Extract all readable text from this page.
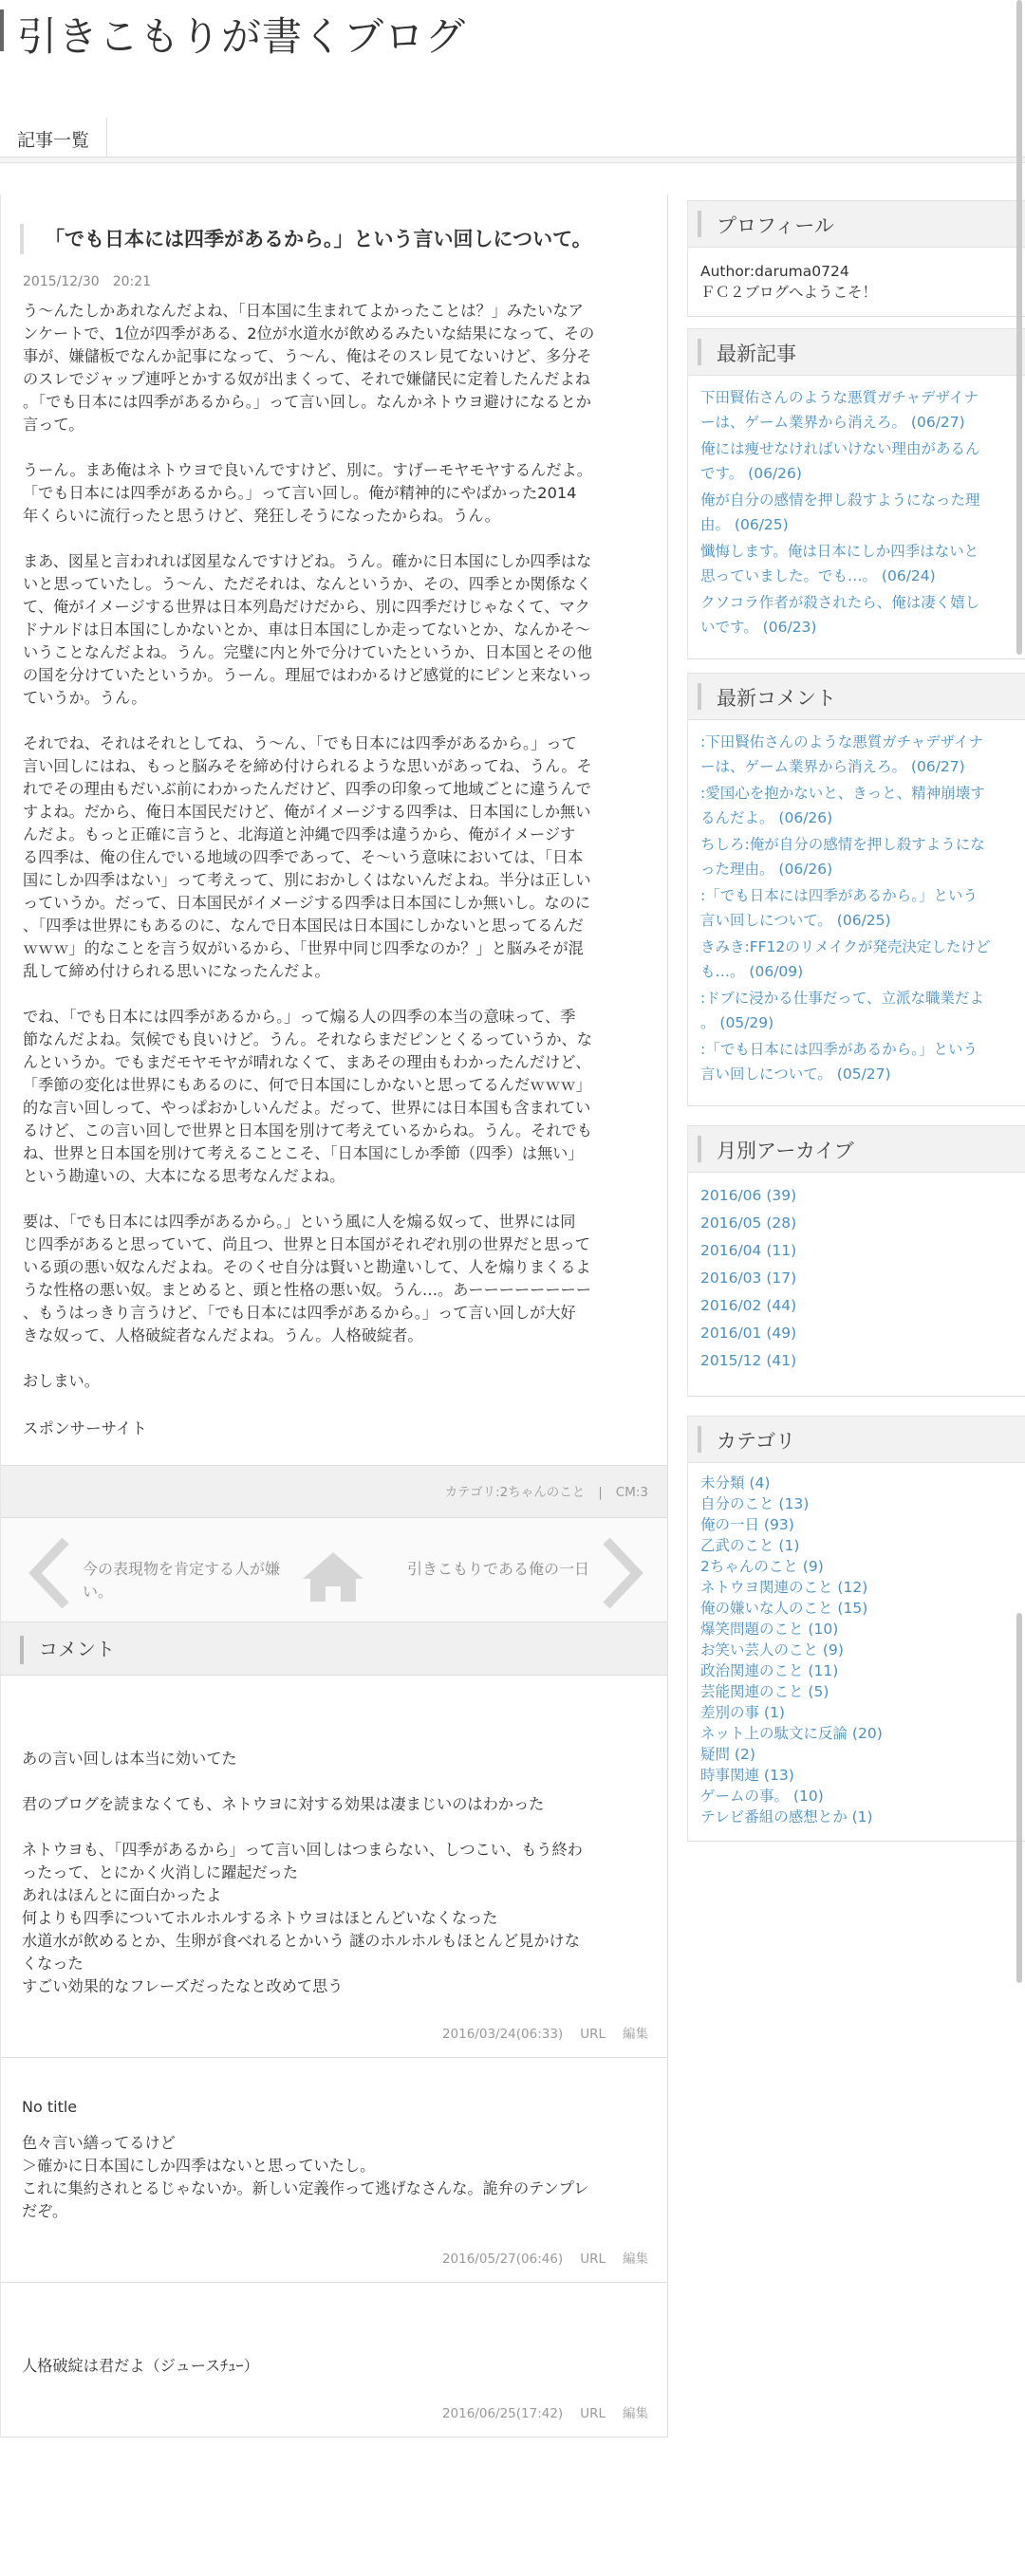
引きこもりが書くブログ
記事一覧
「でも日本には四季があるから。」という言い回しについて。
2015/12/30 20:21

う〜んたしかあれなんだよね、「日本国に生まれてよかったことは？」みたいなア
ンケートで、1位が四季がある、2位が水道水が飲めるみたいな結果になって、その
事が、嫌儲板でなんか記事になって、う〜ん、俺はそのスレ見てないけど、多分そ
のスレでジャップ連呼とかする奴が出まくって、それで嫌儲民に定着したんだよね
。「でも日本には四季があるから。」って言い回し。なんかネトウヨ避けになるとか
言って。

うーん。まあ俺はネトウヨで良いんですけど、別に。すげーモヤモヤするんだよ。
「でも日本には四季があるから。」って言い回し。俺が精神的にやばかった2014
年くらいに流行ったと思うけど、発狂しそうになったからね。うん。

まあ、図星と言われれば図星なんですけどね。うん。確かに日本国にしか四季はな
いと思っていたし。う〜ん、ただそれは、なんというか、その、四季とか関係なく
て、俺がイメージする世界は日本列島だけだから、別に四季だけじゃなくて、マク
ドナルドは日本国にしかないとか、車は日本国にしか走ってないとか、なんかそ〜
いうことなんだよね。うん。完璧に内と外で分けていたというか、日本国とその他
の国を分けていたというか。うーん。理屈ではわかるけど感覚的にピンと来ないっ
ていうか。うん。

それでね、それはそれとしてね、う〜ん、「でも日本には四季があるから。」って
言い回しにはね、もっと脳みそを締め付けられるような思いがあってね、うん。そ
れでその理由もだいぶ前にわかったんだけど、四季の印象って地域ごとに違うんで
すよね。だから、俺日本国民だけど、俺がイメージする四季は、日本国にしか無い
んだよ。もっと正確に言うと、北海道と沖縄で四季は違うから、俺がイメージす
る四季は、俺の住んでいる地域の四季であって、そ〜いう意味においては、「日本
国にしか四季はない」って考えって、別におかしくはないんだよね。半分は正しい
っていうか。だって、日本国民がイメージする四季は日本国にしか無いし。なのに
、「四季は世界にもあるのに、なんで日本国民は日本国にしかないと思ってるんだ
ｗｗｗ」的なことを言う奴がいるから、「世界中同じ四季なのか？」と脳みそが混
乱して締め付けられる思いになったんだよ。

でね、「でも日本には四季があるから。」って煽る人の四季の本当の意味って、季
節なんだよね。気候でも良いけど。うん。それならまだピンとくるっていうか、な
んというか。でもまだモヤモヤが晴れなくて、まあその理由もわかったんだけど、
「季節の変化は世界にもあるのに、何で日本国にしかないと思ってるんだｗｗｗ」
的な言い回しって、やっぱおかしいんだよ。だって、世界には日本国も含まれてい
るけど、この言い回しで世界と日本国を別けて考えているからね。うん。それでも
ね、世界と日本国を別けて考えることこそ、「日本国にしか季節（四季）は無い」
という勘違いの、大本になる思考なんだよね。

要は、「でも日本には四季があるから。」という風に人を煽る奴って、世界には同
じ四季があると思っていて、尚且つ、世界と日本国がそれぞれ別の世界だと思って
いる頭の悪い奴なんだよね。そのくせ自分は賢いと勘違いして、人を煽りまくるよ
うな性格の悪い奴。まとめると、頭と性格の悪い奴。うん…。あーーーーーーーー
、もうはっきり言うけど、「でも日本には四季があるから。」って言い回しが大好
きな奴って、人格破綻者なんだよね。うん。人格破綻者。

おしまい。

スポンサーサイト
カテゴリ:2ちゃんのこと | CM:3
今の表現物を肯定する人が嫌い。
引きこもりである俺の一日
コメント
あの言い回しは本当に効いてた
君のブログを読まなくても、ネトウヨに対する効果は凄まじいのはわかった
ネトウヨも、「四季があるから」って言い回しはつまらない、しつこい、もう終わ
ったって、とにかく火消しに躍起だった
あれはほんとに面白かったよ
何よりも四季についてホルホルするネトウヨはほとんどいなくなった
水道水が飲めるとか、生卵が食べれるとかいう 謎のホルホルもほとんど見かけな
くなった
すごい効果的なフレーズだったなと改めて思う
2016/03/24(06:33) URL 編集
No title
色々言い繕ってるけど
＞確かに日本国にしか四季はないと思っていたし。
これに集約されとるじゃないか。新しい定義作って逃げなさんな。詭弁のテンプレ
だぞ。
2016/05/27(06:46) URL 編集
人格破綻は君だよ（ジュースﾁｭｰ）
2016/06/25(17:42) URL 編集
プロフィール
Author:daruma0724
ＦＣ２ブログへようこそ！
最新記事
下田賢佑さんのような悪質ガチャデザイナ
ーは、ゲーム業界から消えろ。 (06/27)
俺には痩せなければいけない理由があるん
です。 (06/26)
俺が自分の感情を押し殺すようになった理
由。 (06/25)
懺悔します。俺は日本にしか四季はないと
思っていました。でも…。 (06/24)
クソコラ作者が殺されたら、俺は凄く嬉し
いです。 (06/23)
最新コメント
:下田賢佑さんのような悪質ガチャデザイナ
ーは、ゲーム業界から消えろ。 (06/27)
:愛国心を抱かないと、きっと、精神崩壊す
るんだよ。 (06/26)
ちしろ:俺が自分の感情を押し殺すようにな
った理由。 (06/26)
:「でも日本には四季があるから。」という
言い回しについて。 (06/25)
きみき:FF12のリメイクが発売決定したけど
も…。 (06/09)
:ドブに浸かる仕事だって、立派な職業だよ
。 (05/29)
:「でも日本には四季があるから。」という
言い回しについて。 (05/27)
月別アーカイブ
2016/06 (39)
2016/05 (28)
2016/04 (11)
2016/03 (17)
2016/02 (44)
2016/01 (49)
2015/12 (41)
カテゴリ
未分類 (4)
自分のこと (13)
俺の一日 (93)
乙武のこと (1)
2ちゃんのこと (9)
ネトウヨ関連のこと (12)
俺の嫌いな人のこと (15)
爆笑問題のこと (10)
お笑い芸人のこと (9)
政治関連のこと (11)
芸能関連のこと (5)
差別の事 (1)
ネット上の駄文に反論 (20)
疑問 (2)
時事関連 (13)
ゲームの事。 (10)
テレビ番組の感想とか (1)
